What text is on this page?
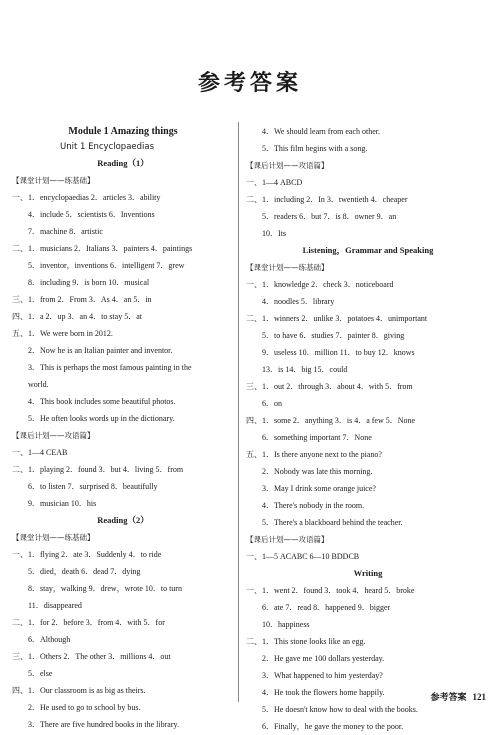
参考答案
Module 1 Amazing things
Unit 1 Encyclopaedias
Reading（1）
【课堂计划——练基础】
一、1．encyclopaedias 2．articles 3．ability
4．include 5．scientists 6．Inventions
7．machine 8．artistic
二、1．musicians 2．Italians 3．painters 4．paintings
5．inventor，inventions 6．intelligent 7．grew
8．including 9．is born 10．musical
三、1．from 2．From 3．As 4．an 5．in
四、1．a 2．up 3．an 4．to stay 5．at
五、1．We were born in 2012.
2．Now he is an Italian painter and inventor.
3．This is perhaps the most famous painting in the
world.
4．This book includes some beautiful photos.
5．He often looks words up in the dictionary.
【课后计划——攻语篇】
一、1—4 CEAB
二、1．playing 2．found 3．but 4．living 5．from
6．to listen 7．surprised 8．beautifully
9．musician 10．his
Reading（2）
【课堂计划——练基础】
一、1．flying 2．ate 3．Suddenly 4．to ride
5．died，death 6．dead 7．dying
8．stay，walking 9．drew，wrote 10．to turn
11．disappeared
二、1．for 2．before 3．from 4．with 5．for
6．Although
三、1．Others 2．The other 3．millions 4．out
5．else
四、1．Our classroom is as big as theirs.
2．He used to go to school by bus.
3．There are five hundred books in the library.
4．We should learn from each other.
5．This film begins with a song.
【课后计划——攻语篇】
一、1—4 ABCD
二、1．including 2．In 3．twentieth 4．cheaper
5．readers 6．but 7．is 8．owner 9．an
10．Its
Listening，Grammar and Speaking
【课堂计划——练基础】
一、1．knowledge 2．check 3．noticeboard
4．noodles 5．library
二、1．winners 2．unlike 3．potatoes 4．unimportant
5．to have 6．studies 7．painter 8．giving
9．useless 10．million 11．to buy 12．knows
13．is 14．big 15．could
三、1．out 2．through 3．about 4．with 5．from
6．on
四、1．some 2．anything 3．is 4．a few 5．None
6．something important 7．None
五、1．Is there anyone next to the piano?
2．Nobody was late this morning.
3．May I drink some orange juice?
4．There's nobody in the room.
5．There's a blackboard behind the teacher.
【课后计划——攻语篇】
一、1—5 ACABC 6—10 BDDCB
Writing
一、1．went 2．found 3．took 4．heard 5．broke
6．ate 7．read 8．happened 9．bigger
10．happiness
二、1．This stone looks like an egg.
2．He gave me 100 dollars yesterday.
3．What happened to him yesterday?
4．He took the flowers home happily.
5．He doesn't know how to deal with the books.
6．Finally，he gave the money to the poor.
参考答案 121
